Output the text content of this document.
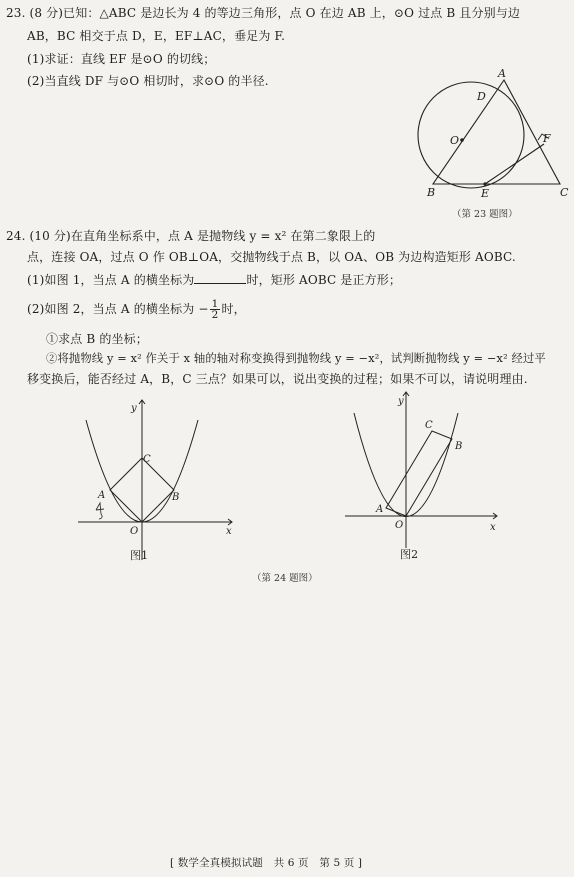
23. (8 分)已知：△ABC 是边长为 4 的等边三角形，点 O 在边 AB 上，⊙O 过点 B 且分别与边
AB，BC 相交于点 D，E，EF⊥AC，垂足为 F.
(1)求证：直线 EF 是⊙O 的切线；
(2)当直线 DF 与⊙O 相切时，求⊙O 的半径.
A
D
O	F
B	E	C
（第 23 题图）
24. (10 分)在直角坐标系中，点 A 是抛物线 y = x² 在第二象限上的
点，连接 OA，过点 O 作 OB⊥OA，交抛物线于点 B，以 OA、OB 为边构造矩形 AOBC.
(1)如图 1，当点 A 的横坐标为	时，矩形 AOBC 是正方形；
(2)如图 2，当点 A 的横坐标为 − $\frac{1}{2}$ 时，
①求点 B 的坐标；
②将抛物线 y = x² 作关于 x 轴的轴对称变换得到抛物线 y = −x²，试判断抛物线 y = −x² 经过平
移变换后，能否经过 A，B，C 三点？如果可以，说出变换的过程；如果不可以，请说明理由.
y
x
C
A	B
O
图1
y
x
C
B
A
O
图2
（第 24 题图）
[ 数学全真模拟试题　共 6 页　第 5 页 ]
